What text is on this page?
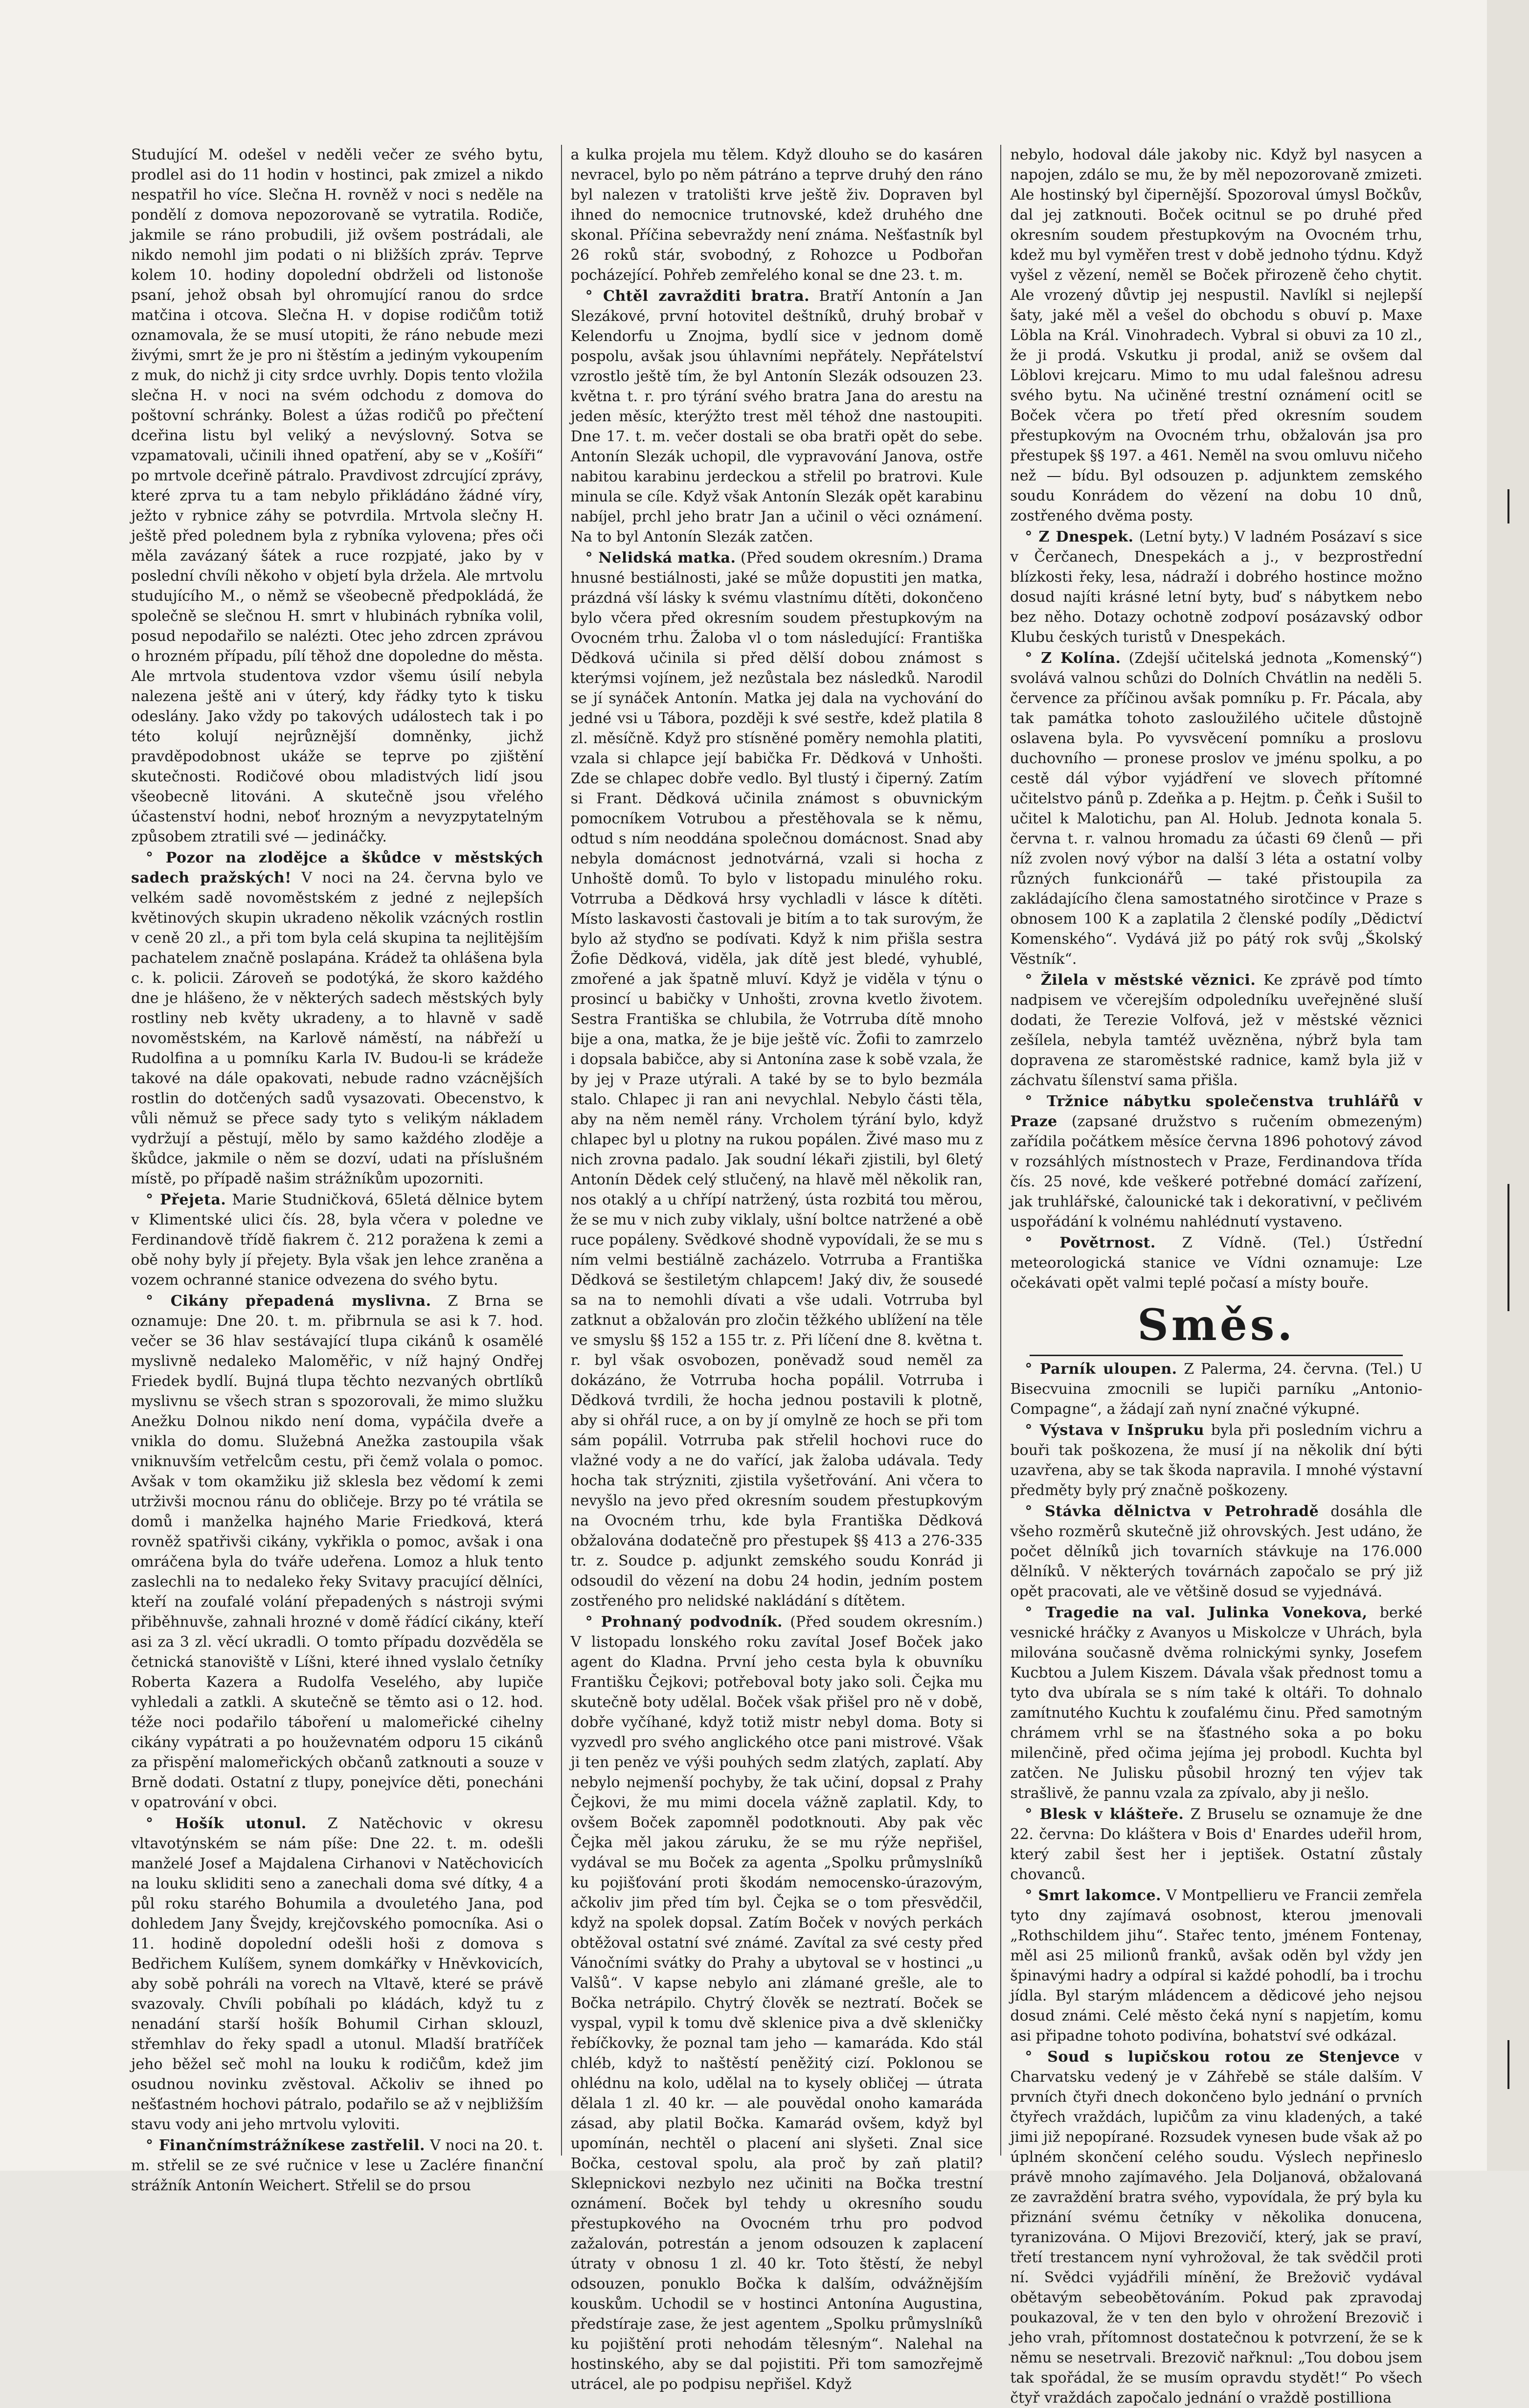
Studující M. odešel v neděli večer ze svého bytu, prodlel asi do 11 hodin v hostinci, pak zmizel a nikdo nespatřil ho více. Slečna H. rovněž v noci s neděle na pondělí z domova nepozorovaně se vytratila. Rodiče, jakmile se ráno probudili, již ovšem postrádali, ale nikdo nemohl jim podati o ni bližších zpráv. Teprve kolem 10. hodiny dopolední obdrželi od listonoše psaní, jehož obsah byl ohromující ranou do srdce matčina i otcova. Slečna H. v dopise rodičům totiž oznamovala, že se musí utopiti, že ráno nebude mezi živými, smrt že je pro ni štěstím a jediným vykoupením z muk, do nichž ji city srdce uvrhly. Dopis tento vložila slečna H. v noci na svém odchodu z domova do poštovní schránky. Bolest a úžas rodičů po přečtení dceřina listu byl veliký a nevýslovný. Sotva se vzpamatovali, učinili ihned opatření, aby se v „Košíři“ po mrtvole dceřině pátralo. Pravdivost zdrcující zprávy, které zprva tu a tam nebylo přikládáno žádné víry, ježto v rybnice záhy se potvrdila. Mrtvola slečny H. ještě před polednem byla z rybníka vylovena; přes oči měla zavázaný šátek a ruce rozpjaté, jako by v poslední chvíli někoho v objetí byla držela. Ale mrtvolu studujícího M., o němž se všeobecně předpokládá, že společně se slečnou H. smrt v hlubinách rybníka volil, posud nepodařilo se nalézti. Otec jeho zdrcen zprávou o hrozném případu, pílí těhož dne dopoledne do města. Ale mrtvola studentova vzdor všemu úsilí nebyla nalezena ještě ani v úterý, kdy řádky tyto k tisku odeslány. Jako vždy po takových událostech tak i po této kolují nejrůznější domněnky, jichž pravděpodobnost ukáže se teprve po zjištění skutečnosti. Rodičové obou mladistvých lidí jsou všeobecně litováni. A skutečně jsou vřelého účastenství hodni, neboť hrozným a nevyzpytatelným způsobem ztratili své — jedináčky.

° Pozor na zlodějce a škůdce v městských sadech pražských! V noci na 24. června bylo ve velkém sadě novoměstském z jedné z nejlepších květinových skupin ukradeno několik vzácných rostlin v ceně 20 zl., a při tom byla celá skupina ta nejlitějším pachatelem značně poslapána. Krádež ta ohlášena byla c. k. policii. Zároveň se podotýká, že skoro každého dne je hlášeno, že v některých sadech městských byly rostliny neb květy ukradeny, a to hlavně v sadě novoměstském, na Karlově náměstí, na nábřeží u Rudolfina a u pomníku Karla IV. Budou-li se krádeže takové na dále opakovati, nebude radno vzácnějších rostlin do dotčených sadů vysazovati. Obecenstvo, k vůli němuž se přece sady tyto s velikým nákladem vydržují a pěstují, mělo by samo každého zloděje a škůdce, jakmile o něm se dozví, udati na příslušném místě, po případě našim strážníkům upozorniti.

° Přejeta. Marie Studničková, 65letá dělnice bytem v Klimentské ulici čís. 28, byla včera v poledne ve Ferdinandově třídě fiakrem č. 212 poražena k zemi a obě nohy byly jí přejety. Byla však jen lehce zraněna a vozem ochranné stanice odvezena do svého bytu.

° Cikány přepadená myslivna. Z Brna se oznamuje: Dne 20. t. m. přibrnula se asi k 7. hod. večer se 36 hlav sestávající tlupa cikánů k osamělé myslivně nedaleko Maloměřic, v níž hajný Ondřej Friedek bydlí. Bujná tlupa těchto nezvaných obrtlíků myslivnu se všech stran s spozorovali, že mimo služku Anežku Dolnou nikdo není doma, vypáčila dveře a vnikla do domu. Služebná Anežka zastoupila však vniknuvším vetřelcům cestu, při čemž volala o pomoc. Avšak v tom okamžiku již sklesla bez vědomí k zemi utrživši mocnou ránu do obličeje. Brzy po té vrátila se domů i manželka hajného Marie Friedková, která rovněž spatřivši cikány, vykřikla o pomoc, avšak i ona omráčena byla do tváře udeřena. Lomoz a hluk tento zaslechli na to nedaleko řeky Svitavy pracující dělníci, kteří na zoufalé volání přepadených s nástroji svými přiběhnuvše, zahnali hrozné v domě řádící cikány, kteří asi za 3 zl. věcí ukradli. O tomto případu dozvěděla se četnická stanoviště v Líšni, které ihned vyslalo četníky Roberta Kazera a Rudolfa Veselého, aby lupiče vyhledali a zatkli. A skutečně se těmto asi o 12. hod. téže noci podařilo táboření u malomeřické cihelny cikány vypátrati a po houževnatém odporu 15 cikánů za přispění malomeřických občanů zatknouti a souze v Brně dodati. Ostatní z tlupy, ponejvíce děti, ponecháni v opatrování v obci.

° Hošík utonul. Z Natěchovic v okresu vltavotýnském se nám píše: Dne 22. t. m. odešli manželé Josef a Majdalena Cirhanovi v Natěchovicích na louku skliditi seno a zanechali doma své dítky, 4 a půl roku starého Bohumila a dvouletého Jana, pod dohledem Jany Švejdy, krejčovského pomocníka. Asi o 11. hodině dopolední odešli hoši z domova s Bedřichem Kulíšem, synem domkářky v Hněvkovicích, aby sobě pohráli na vorech na Vltavě, které se právě svazovaly. Chvíli pobíhali po kládách, když tu z nenadání starší hošík Bohumil Cirhan sklouzl, střemhlav do řeky spadl a utonul. Mladší bratříček jeho běžel seč mohl na louku k rodičům, kdež jim osudnou novinku zvěstoval. Ačkoliv se ihned po nešťastném hochovi pátralo, podařilo se až v nejbližším stavu vody ani jeho mrtvolu vyloviti.

° Finančnímstrážníkese zastřelil. V noci na 20. t. m. střelil se ze své ručnice v lese u Zaclére finanční strážník Antonín Weichert. Střelil se do prsou

a kulka projela mu tělem. Když dlouho se do kasáren nevracel, bylo po něm pátráno a teprve druhý den ráno byl nalezen v tratolišti krve ještě živ. Dopraven byl ihned do nemocnice trutnovské, kdež druhého dne skonal. Příčina sebevraždy není známa. Nešťastník byl 26 roků stár, svobodný, z Rohozce u Podbořan pocházející. Pohřeb zemřelého konal se dne 23. t. m.

° Chtěl zavražditi bratra. Bratří Antonín a Jan Slezákové, první hotovitel deštníků, druhý brobař v Kelendorfu u Znojma, bydlí sice v jednom domě pospolu, avšak jsou úhlavními nepřátely. Nepřátelství vzrostlo ještě tím, že byl Antonín Slezák odsouzen 23. května t. r. pro týrání svého bratra Jana do arestu na jeden měsíc, kterýžto trest měl téhož dne nastoupiti. Dne 17. t. m. večer dostali se oba bratři opět do sebe. Antonín Slezák uchopil, dle vypravování Janova, ostře nabitou karabinu jerdeckou a střelil po bratrovi. Kule minula se cíle. Když však Antonín Slezák opět karabinu nabíjel, prchl jeho bratr Jan a učinil o věci oznámení. Na to byl Antonín Slezák zatčen.

° Nelidská matka. (Před soudem okresním.) Drama hnusné bestiálnosti, jaké se může dopustiti jen matka, prázdná vší lásky k svému vlastnímu dítěti, dokončeno bylo včera před okresním soudem přestupkovým na Ovocném trhu. Žaloba vl o tom následující: Františka Dědková učinila si před dělší dobou známost s kterýmsi vojínem, jež nezůstala bez následků. Narodil se jí synáček Antonín. Matka jej dala na vychování do jedné vsi u Tábora, později k své sestře, kdež platila 8 zl. měsíčně. Když pro stísněné poměry nemohla platiti, vzala si chlapce její babička Fr. Dědková v Unhošti. Zde se chlapec dobře vedlo. Byl tlustý i čiperný. Zatím si Frant. Dědková učinila známost s obuvnickým pomocníkem Votrubou a přestěhovala se k němu, odtud s ním neoddána společnou domácnost. Snad aby nebyla domácnost jednotvárná, vzali si hocha z Unhoště domů. To bylo v listopadu minulého roku. Votrruba a Dědková hrsy vychladli v lásce k dítěti. Místo laskavosti častovali je bitím a to tak surovým, že bylo až styďno se podívati. Když k nim přišla sestra Žofie Dědková, viděla, jak dítě jest bledé, vyhublé, zmořené a jak špatně mluví. Když je viděla v týnu o prosincí u babičky v Unhošti, zrovna kvetlo životem. Sestra Františka se chlubila, že Votrruba dítě mnoho bije a ona, matka, že je bije ještě víc. Žofii to zamrzelo i dopsala babičce, aby si Antonína zase k sobě vzala, že by jej v Praze utýrali. A také by se to bylo bezmála stalo. Chlapec ji ran ani nevychlal. Nebylo části těla, aby na něm neměl rány. Vrcholem týrání bylo, když chlapec byl u plotny na rukou popálen. Živé maso mu z nich zrovna padalo. Jak soudní lékaři zjistili, byl 6letý Antonín Dědek celý stlučený, na hlavě měl několik ran, nos otaklý a u chřípí natržený, ústa rozbitá tou měrou, že se mu v nich zuby viklaly, ušní boltce natržené a obě ruce popáleny. Svědkové shodně vypovídali, že se mu s ním velmi bestiálně zacházelo. Votrruba a Františka Dědková se šestiletým chlapcem! Jaký div, že sousedé sa na to nemohli dívati a vše udali. Votrruba byl zatknut a obžalován pro zločin těžkého ublížení na těle ve smyslu §§ 152 a 155 tr. z. Při líčení dne 8. května t. r. byl však osvobozen, poněvadž soud neměl za dokázáno, že Votrruba hocha popálil. Votrruba i Dědková tvrdili, že hocha jednou postavili k plotně, aby si ohřál ruce, a on by jí omylně ze hoch se při tom sám popálil. Votrruba pak střelil hochovi ruce do vlažné vody a ne do vařící, jak žaloba udávala. Tedy hocha tak strýzniti, zjistila vyšetřování. Ani včera to nevyšlo na jevo před okresním soudem přestupkovým na Ovocném trhu, kde byla Františka Dědková obžalována dodatečně pro přestupek §§ 413 a 276-335 tr. z. Soudce p. adjunkt zemského soudu Konrád ji odsoudil do vězení na dobu 24 hodin, jedním postem zostřeného pro nelidské nakládání s dítětem.

° Prohnaný podvodník. (Před soudem okresním.) V listopadu lonského roku zavítal Josef Boček jako agent do Kladna. První jeho cesta byla k obuvníku Františku Čejkovi; potřeboval boty jako soli. Čejka mu skutečně boty udělal. Boček však přišel pro ně v době, dobře vyčíhané, když totiž mistr nebyl doma. Boty si vyzvedl pro svého anglického otce pani mistrové. Však ji ten peněz ve výši pouhých sedm zlatých, zaplatí. Aby nebylo nejmenší pochyby, že tak učiní, dopsal z Prahy Čejkovi, že mu mimi docela vážně zaplatil. Kdy, to ovšem Boček zapomněl podotknouti. Aby pak věc Čejka měl jakou záruku, že se mu rýže nepřišel, vydával se mu Boček za agenta „Spolku průmyslníků ku pojišťování proti škodám nemocensko-úrazovým, ačkoliv jim před tím byl. Čejka se o tom přesvědčil, když na spolek dopsal. Zatím Boček v nových perkách obtěžoval ostatní své známé. Zavítal za své cesty před Vánočními svátky do Prahy a ubytoval se v hostinci „u Valšů“. V kapse nebylo ani zlámané grešle, ale to Bočka netrápilo. Chytrý člověk se neztratí. Boček se vyspal, vypil k tomu dvě sklenice piva a dvě skleničky řebíčkovky, že poznal tam jeho — kamaráda. Kdo stál chléb, když to naštěstí peněžitý cizí. Poklonou se ohlédnu na kolo, udělal na to kysely obličej — útrata dělala 1 zl. 40 kr. — ale pouvědal onoho kamaráda zásad, aby platil Bočka. Kamarád ovšem, když byl upomínán, nechtěl o placení ani slyšeti. Znal sice Bočka, cestoval spolu, ala proč by zaň platil? Sklepnickovi nezbylo nez učiniti na Bočka trestní oznámení. Boček byl tehdy u okresního soudu přestupkového na Ovocném trhu pro podvod zažalován, potrestán a jenom odsouzen k zaplacení útraty v obnosu 1 zl. 40 kr. Toto štěstí, že nebyl odsouzen, ponuklo Bočka k dalším, odvážnějším kouskům. Uchodil se v hostinci Antonína Augustina, předstíraje zase, že jest agentem „Spolku průmyslníků ku pojištění proti nehodám tělesným“. Nalehal na hostinského, aby se dal pojistiti. Při tom samozřejmě utrácel, ale po podpisu nepřišel. Když

nebylo, hodoval dále jakoby nic. Když byl nasycen a napojen, zdálo se mu, že by měl nepozorovaně zmizeti. Ale hostinský byl čipernější. Spozoroval úmysl Bočkův, dal jej zatknouti. Boček ocitnul se po druhé před okresním soudem přestupkovým na Ovocném trhu, kdež mu byl vyměřen trest v době jednoho týdnu. Když vyšel z vězení, neměl se Boček přirozeně čeho chytit. Ale vrozený důvtip jej nespustil. Navlíkl si nejlepší šaty, jaké měl a vešel do obchodu s obuví p. Maxe Löbla na Král. Vinohradech. Vybral si obuvi za 10 zl., že ji prodá. Vskutku ji prodal, aniž se ovšem dal Löblovi krejcaru. Mimo to mu udal falešnou adresu svého bytu. Na učiněné trestní oznámení ocitl se Boček včera po třetí před okresním soudem přestupkovým na Ovocném trhu, obžalován jsa pro přestupek §§ 197. a 461. Neměl na svou omluvu ničeho než — bídu. Byl odsouzen p. adjunktem zemského soudu Konrádem do vězení na dobu 10 dnů, zostřeného dvěma posty.

° Z Dnespek. (Letní byty.) V ladném Posázaví s sice v Čerčanech, Dnespekách a j., v bezprostřední blízkosti řeky, lesa, nádraží i dobrého hostince možno dosud najíti krásné letní byty, buď s nábytkem nebo bez něho. Dotazy ochotně zodpoví posázavský odbor Klubu českých turistů v Dnespekách.

° Z Kolína. (Zdejší učitelská jednota „Komenský“) svolává valnou schůzi do Dolních Chvátlin na neděli 5. července za příčinou avšak pomníku p. Fr. Pácala, aby tak památka tohoto zasloužilého učitele důstojně oslavena byla. Po vyvsvěcení pomníku a proslovu duchovního — pronese proslov ve jménu spolku, a po cestě dál výbor vyjádření ve slovech přítomné učitelstvo pánů p. Zdeňka a p. Hejtm. p. Čeňk i Sušil to učitel k Malotichu, pan Al. Holub. Jednota konala 5. června t. r. valnou hromadu za účasti 69 členů — při níž zvolen nový výbor na další 3 léta a ostatní volby různých funkcionářů — také přistoupila za zakládajícího člena samostatného sirotčince v Praze s obnosem 100 K a zaplatila 2 členské podíly „Dědictví Komenského“. Vydává již po pátý rok svůj „Školský Věstník“.

° Žilela v městské věznici. Ke zprávě pod tímto nadpisem ve včerejším odpoledníku uveřejněné sluší dodati, že Terezie Volfová, jež v městské věznici zešílela, nebyla tamtéž uvězněna, nýbrž byla tam dopravena ze staroměstské radnice, kamž byla již v záchvatu šílenství sama přišla.

° Tržnice nábytku společenstva truhlářů v Praze (zapsané družstvo s ručením obmezeným) zařídila počátkem měsíce června 1896 pohotový závod v rozsáhlých místnostech v Praze, Ferdinandova třída čís. 25 nové, kde veškeré potřebné domácí zařízení, jak truhlářské, čalounické tak i dekorativní, v pečlivém uspořádání k volnému nahlédnutí vystaveno.

° Povětrnost. Z Vídně. (Tel.) Ústřední meteorologická stanice ve Vídni oznamuje: Lze očekávati opět valmi teplé počasí a místy bouře.

Směs.

° Parník uloupen. Z Palerma, 24. června. (Tel.) U Bisecvuina zmocnili se lupiči parníku „Antonio-Compagne“, a žádají zaň nyní značné výkupné.

° Výstava v Inšpruku byla při posledním vichru a bouři tak poškozena, že musí jí na několik dní býti uzavřena, aby se tak škoda napravila. I mnohé výstavní předměty byly prý značně poškozeny.

° Stávka dělnictva v Petrohradě dosáhla dle všeho rozměrů skutečně již ohrovských. Jest udáno, že počet dělníků jich tovarních stávkuje na 176.000 dělníků. V některých továrnách započalo se prý již opět pracovati, ale ve většině dosud se vyjednává.

° Tragedie na val. Julinka Vonekova, berké vesnické hráčky z Avanyos u Miskolcze v Uhrách, byla milována současně dvěma rolnickými synky, Josefem Kucbtou a Julem Kiszem. Dávala však přednost tomu a tyto dva ubírala se s ním také k oltáři. To dohnalo zamítnutého Kuchtu k zoufalému činu. Před samotným chrámem vrhl se na šťastného soka a po boku milenčině, před očima jejíma jej probodl. Kuchta byl zatčen. Ne Julisku působil hrozný ten výjev tak strašlivě, že pannu vzala za zpívalo, aby ji nešlo.

° Blesk v klášteře. Z Bruselu se oznamuje že dne 22. června: Do kláštera v Bois d' Enardes udeřil hrom, který zabil šest her i jeptišek. Ostatní zůstaly chovanců.

° Smrt lakomce. V Montpellieru ve Francii zemřela tyto dny zajímavá osobnost, kterou jmenovali „Rothschildem jihu“. Stařec tento, jménem Fontenay, měl asi 25 milionů franků, avšak oděn byl vždy jen špinavými hadry a odpíral si každé pohodlí, ba i trochu jídla. Byl starým mládencem a dědicové jeho nejsou dosud známi. Celé město čeká nyní s napjetím, komu asi připadne tohoto podivína, bohatství své odkázal.

° Soud s lupičskou rotou ze Stenjevce v Charvatsku vedený je v Záhřebě se stále dalším. V prvních čtyři dnech dokončeno bylo jednání o prvních čtyřech vraždách, lupičům za vinu kladených, a také jimi již nepopírané. Rozsudek vynesen bude však až po úplném skončení celého soudu. Výslech nepřineslo právě mnoho zajímavého. Jela Doljanová, obžalovaná ze zavraždění bratra svého, vypovídala, že prý byla ku přiznání svému četníky v několika donucena, tyranizována. O Mijovi Brezovičí, který, jak se praví, třetí trestancem nyní vyhrožoval, že tak svědčil proti ní. Svědci vyjádřili mínění, že Brežovič vydával obětavým sebeobětováním. Pokud pak zpravodaj poukazoval, že v ten den bylo v ohrožení Brezovič i jeho vrah, přítomnost dostatečnou k potvrzení, že se k němu se nesetrvali. Brezovič nařknul: „Tou dobou jsem tak spořádal, že se musím opravdu stydět!“ Po všech čtyř vraždách započalo jednání o vraždě postilliona
